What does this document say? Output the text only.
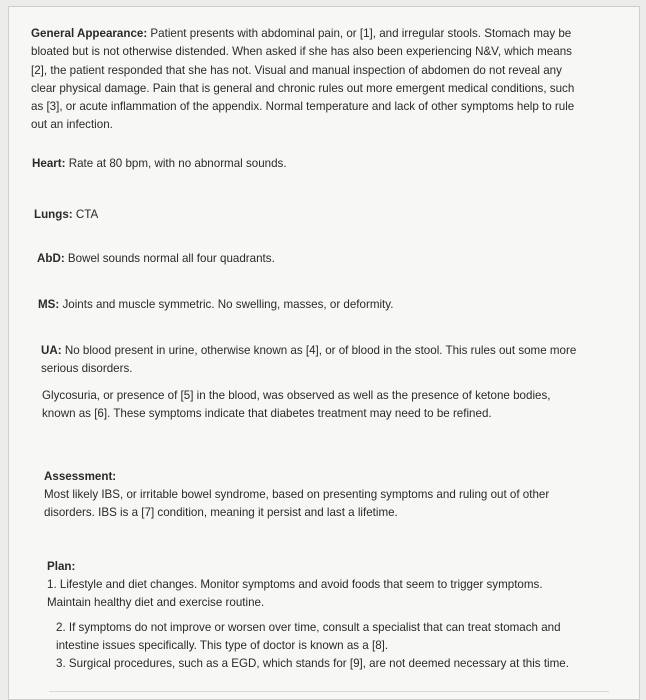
General Appearance: Patient presents with abdominal pain, or [1], and irregular stools. Stomach may be bloated but is not otherwise distended. When asked if she has also been experiencing N&V, which means [2], the patient responded that she has not. Visual and manual inspection of abdomen do not reveal any clear physical damage. Pain that is general and chronic rules out more emergent medical conditions, such as [3], or acute inflammation of the appendix. Normal temperature and lack of other symptoms help to rule out an infection.

Heart: Rate at 80 bpm, with no abnormal sounds.

Lungs: CTA

AbD: Bowel sounds normal all four quadrants.

MS: Joints and muscle symmetric. No swelling, masses, or deformity.

UA: No blood present in urine, otherwise known as [4], or of blood in the stool. This rules out some more serious disorders.

Glycosuria, or presence of [5] in the blood, was observed as well as the presence of ketone bodies, known as [6]. These symptoms indicate that diabetes treatment may need to be refined.

Assessment:

Most likely IBS, or irritable bowel syndrome, based on presenting symptoms and ruling out of other disorders. IBS is a [7] condition, meaning it persist and last a lifetime.

Plan:

1. Lifestyle and diet changes. Monitor symptoms and avoid foods that seem to trigger symptoms. Maintain healthy diet and exercise routine.

2. If symptoms do not improve or worsen over time, consult a specialist that can treat stomach and intestine issues specifically. This type of doctor is known as a [8].

3. Surgical procedures, such as a EGD, which stands for [9], are not deemed necessary at this time.
